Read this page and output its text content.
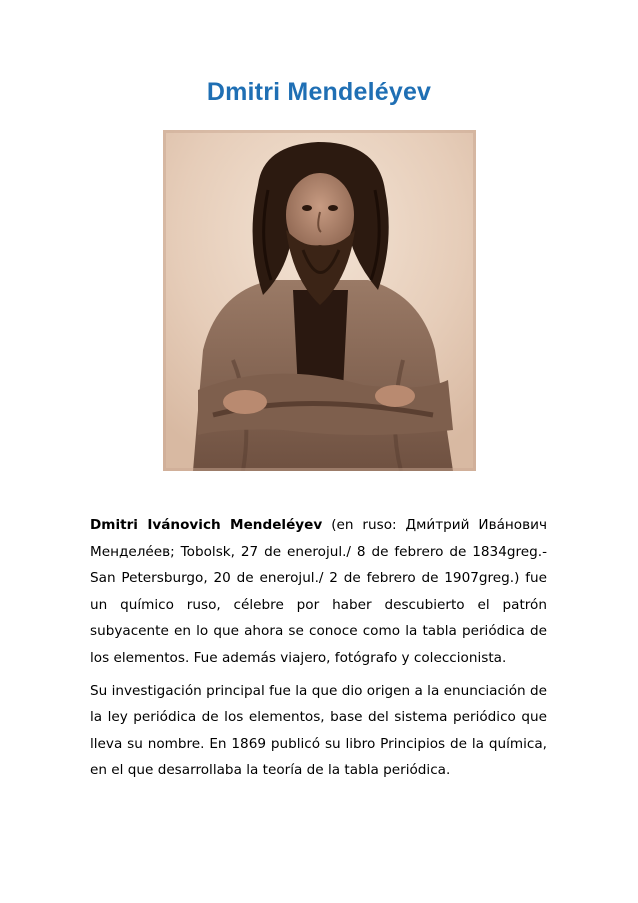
Dmitri Mendeléyev

Dmitri Ivánovich Mendeléyev (en ruso: Дми́трий Ива́нович Менделе́ев; Tobolsk, 27 de enerojul./ 8 de febrero de 1834greg.-San Petersburgo, 20 de enerojul./ 2 de febrero de 1907greg.) fue un químico ruso, célebre por haber descubierto el patrón subyacente en lo que ahora se conoce como la tabla periódica de los elementos. Fue además viajero, fotógrafo y coleccionista.

Su investigación principal fue la que dio origen a la enunciación de la ley periódica de los elementos, base del sistema periódico que lleva su nombre. En 1869 publicó su libro Principios de la química, en el que desarrollaba la teoría de la tabla periódica.
